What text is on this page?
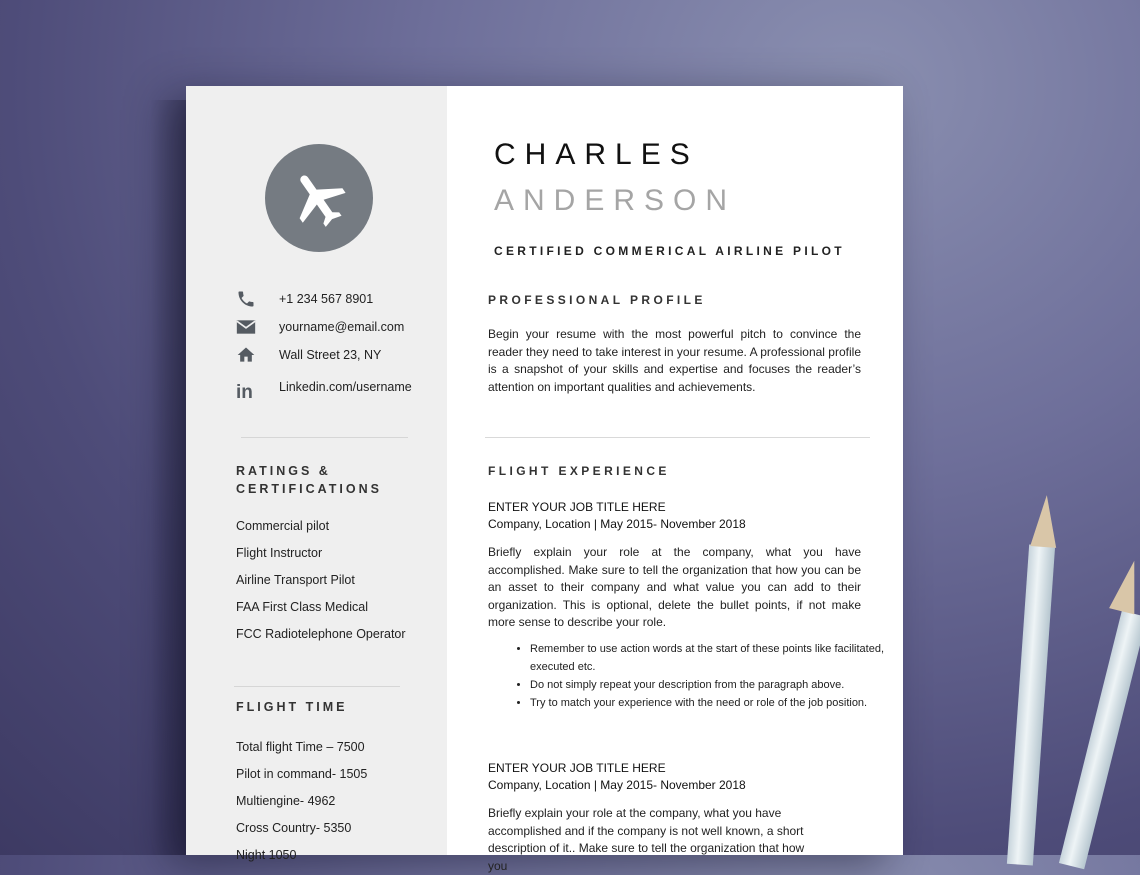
+1 234 567 8901
yourname@email.com
Wall Street 23, NY
in	Linkedin.com/username
RATINGS &
CERTIFICATIONS
Commercial pilot
Flight Instructor
Airline Transport Pilot
FAA First Class Medical
FCC Radiotelephone Operator
FLIGHT TIME
Total flight Time – 7500
Pilot in command- 1505
Multiengine- 4962
Cross Country- 5350
Night 1050
CHARLES
ANDERSON
CERTIFIED COMMERICAL AIRLINE PILOT
PROFESSIONAL PROFILE
Begin your resume with the most powerful pitch to convince the reader they need to take interest in your resume. A professional profile is a snapshot of your skills and expertise and focuses the reader’s attention on important qualities and achievements.
FLIGHT EXPERIENCE
ENTER YOUR JOB TITLE HERE
Company, Location | May 2015- November 2018
Briefly explain your role at the company, what you have accomplished. Make sure to tell the organization that how you can be an asset to their company and what value you can add to their organization. This is optional, delete the bullet points, if not make more sense to describe your role.
• Remember to use action words at the start of these points like facilitated, executed etc.
• Do not simply repeat your description from the paragraph above.
• Try to match your experience with the need or role of the job position.
ENTER YOUR JOB TITLE HERE
Company, Location | May 2015- November 2018
Briefly explain your role at the company, what you have accomplished and if the company is not well known, a short description of it.. Make sure to tell the organization that how you
